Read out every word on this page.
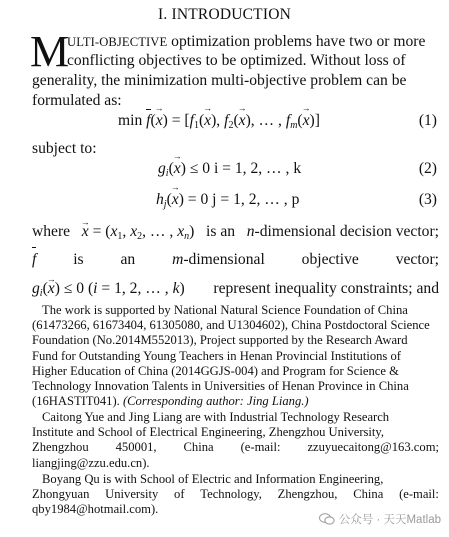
I. INTRODUCTION
M
ULTI-OBJECTIVE optimization problems have two or more
conflicting objectives to be optimized. Without loss of
generality, the minimization multi-objective problem can be
formulated as:
$\min f(\to x) = [f_1(\to x)$, $f_2(\to x)$, … , $f_m(\to x)$]	(1)
subject to:
$g_i(\to x) \le 0$ i = 1, 2, … , k	(2)
$h_j(\to x) = 0$ j = 1, 2, … , p	(3)
where
→ $x = (x_1$, $x_2$, … , $x_n$) is an n-dimensional decision vector;
f is an m-dimensional objective vector;
$g_i(\to x) \le 0$ (i = 1, 2, … , k) represent inequality constraints; and
The work is supported by National Natural Science Foundation of China
(61473266, 61673404, 61305080, and U1304602), China Postdoctoral Science
Foundation (No.2014M552013), Project supported by the Research Award
Fund for Outstanding Young Teachers in Henan Provincial Institutions of
Higher Education of China (2014GGJS-004) and Program for Science &
Technology Innovation Talents in Universities of Henan Province in China
(16HASTIT041). (Corresponding author: Jing Liang.)
Caitong Yue and Jing Liang are with Industrial Technology Research
Institute and School of Electrical Engineering, Zhengzhou University,
Zhengzhou 450001, China (e-mail: zzuyuecaitong@163.com;
liangjing@zzu.edu.cn).
Boyang Qu is with School of Electric and Information Engineering,
Zhongyuan University of Technology, Zhengzhou, China (e-mail:
qby1984@hotmail.com).
公众号 · 天天Matlab
